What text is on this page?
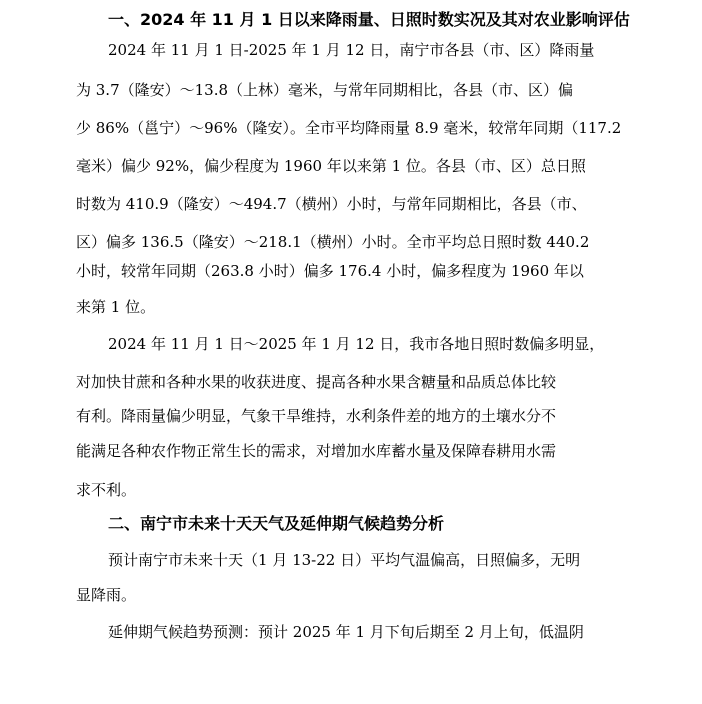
一、2024 年 11 月 1 日以来降雨量、日照时数实况及其对农业影响评估
2024 年 11 月 1 日-2025 年 1 月 12 日，南宁市各县（市、区）降雨量
为 3.7（隆安）～13.8（上林）毫米，与常年同期相比，各县（市、区）偏
少 86%（邕宁）～96%（隆安）。全市平均降雨量 8.9 毫米，较常年同期（117.2
毫米）偏少 92%，偏少程度为 1960 年以来第 1 位。各县（市、区）总日照
时数为 410.9（隆安）～494.7（横州）小时，与常年同期相比，各县（市、
区）偏多 136.5（隆安）～218.1（横州）小时。全市平均总日照时数 440.2
小时，较常年同期（263.8 小时）偏多 176.4 小时，偏多程度为 1960 年以
来第 1 位。
2024 年 11 月 1 日～2025 年 1 月 12 日，我市各地日照时数偏多明显，
对加快甘蔗和各种水果的收获进度、提高各种水果含糖量和品质总体比较
有利。降雨量偏少明显，气象干旱维持，水利条件差的地方的土壤水分不
能满足各种农作物正常生长的需求，对增加水库蓄水量及保障春耕用水需
求不利。
二、南宁市未来十天天气及延伸期气候趋势分析
预计南宁市未来十天（1 月 13-22 日）平均气温偏高，日照偏多，无明
显降雨。
延伸期气候趋势预测：预计 2025 年 1 月下旬后期至 2 月上旬，低温阴
